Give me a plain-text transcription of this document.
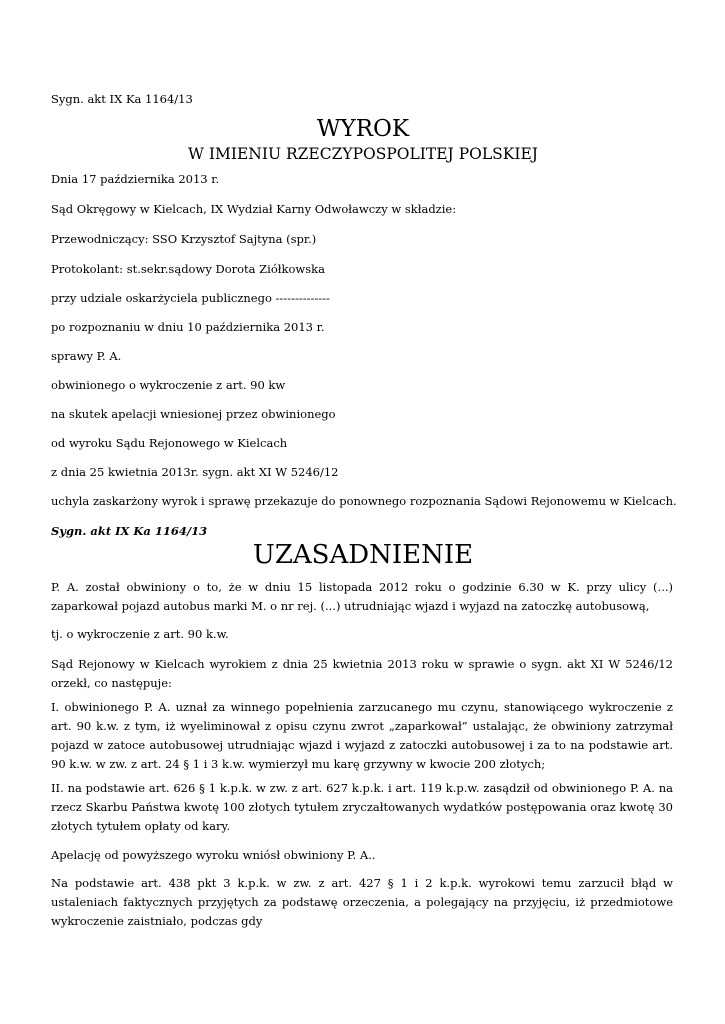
Sygn. akt IX Ka 1164/13
WYROK
W IMIENIU RZECZYPOSPOLITEJ POLSKIEJ
Dnia 17 października 2013 r.
Sąd Okręgowy w Kielcach, IX Wydział Karny Odwoławczy w składzie:
Przewodniczący: SSO Krzysztof Sajtyna (spr.)
Protokolant: st.sekr.sądowy Dorota Ziółkowska
przy udziale oskarżyciela publicznego --------------
po rozpoznaniu w dniu 10 października 2013 r.
sprawy P. A.
obwinionego o wykroczenie z art. 90 kw
na skutek apelacji wniesionej przez obwinionego
od wyroku Sądu Rejonowego w Kielcach
z dnia 25 kwietnia 2013r. sygn. akt XI W 5246/12
uchyla zaskarżony wyrok i sprawę przekazuje do ponownego rozpoznania Sądowi Rejonowemu w Kielcach.
Sygn. akt IX Ka 1164/13
UZASADNIENIE
P. A. został obwiniony o to, że w dniu 15 listopada 2012 roku o godzinie 6.30 w K. przy ulicy (...) zaparkował pojazd autobus marki M. o nr rej. (...) utrudniając wjazd i wyjazd na zatoczkę autobusową,
tj. o wykroczenie z art. 90 k.w.
Sąd Rejonowy w Kielcach wyrokiem z dnia 25 kwietnia 2013 roku w sprawie o sygn. akt XI W 5246/12 orzekł, co następuje:
I. obwinionego P. A. uznał za winnego popełnienia zarzucanego mu czynu, stanowiącego wykroczenie z art. 90 k.w. z tym, iż wyeliminował z opisu czynu zwrot „zaparkował” ustalając, że obwiniony zatrzymał pojazd w zatoce autobusowej utrudniając wjazd i wyjazd z zatoczki autobusowej i za to na podstawie art. 90 k.w. w zw. z art. 24 § 1 i 3 k.w. wymierzył mu karę grzywny w kwocie 200 złotych;
II. na podstawie art. 626 § 1 k.p.k. w zw. z art. 627 k.p.k. i art. 119 k.p.w. zasądził od obwinionego P. A. na rzecz Skarbu Państwa kwotę 100 złotych tytułem zryczałtowanych wydatków postępowania oraz kwotę 30 złotych tytułem opłaty od kary.
Apelację od powyższego wyroku wniósł obwiniony P. A..
Na podstawie art. 438 pkt 3 k.p.k. w zw. z art. 427 § 1 i 2 k.p.k. wyrokowi temu zarzucił błąd w ustaleniach faktycznych przyjętych za podstawę orzeczenia, a polegający na przyjęciu, iż przedmiotowe wykroczenie zaistniało, podczas gdy
